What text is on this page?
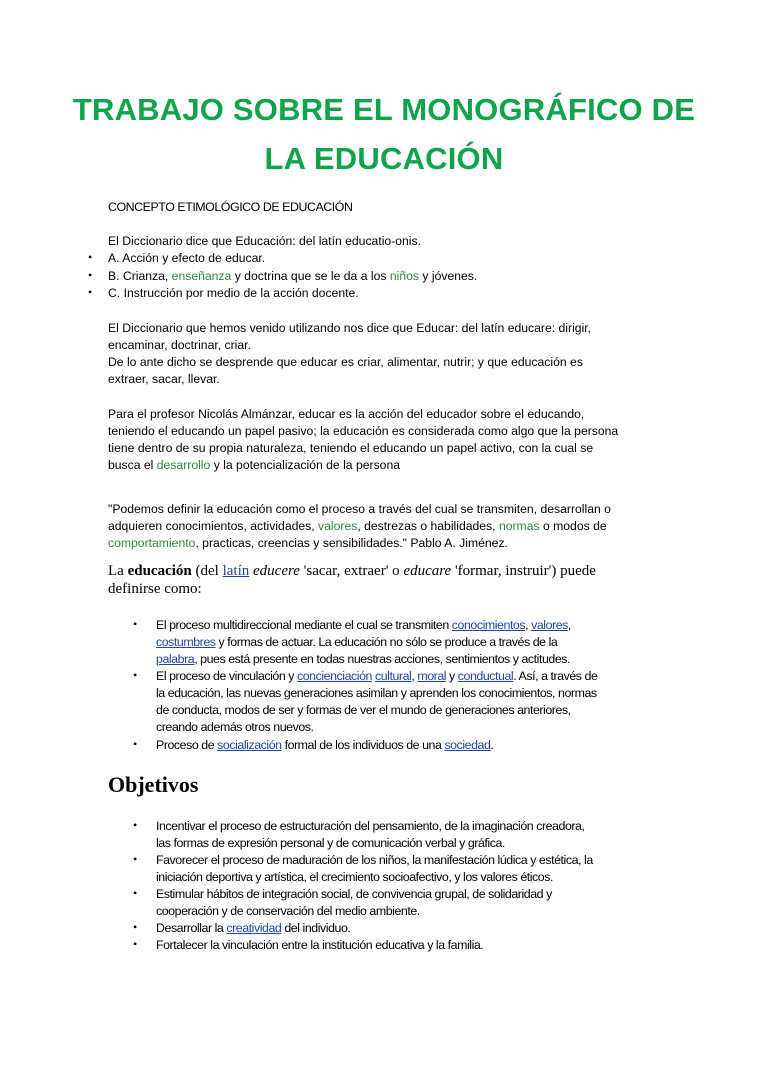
TRABAJO SOBRE EL MONOGRÁFICO DE
LA EDUCACIÓN
CONCEPTO ETIMOLÓGICO DE EDUCACIÓN
El Diccionario dice que Educación: del latín educatio-onis.
• A. Acción y efecto de educar.
• B. Crianza, enseñanza y doctrina que se le da a los niños y jóvenes.
• C. Instrucción por medio de la acción docente.
El Diccionario que hemos venido utilizando nos dice que Educar: del latín educare: dirigir,
encaminar, doctrinar, criar.
De lo ante dicho se desprende que educar es criar, alimentar, nutrir; y que educación es
extraer, sacar, llevar.
Para el profesor Nicolás Almánzar, educar es la acción del educador sobre el educando,
teniendo el educando un papel pasivo; la educación es considerada como algo que la persona
tiene dentro de su propia naturaleza, teniendo el educando un papel activo, con la cual se
busca el desarrollo y la potencialización de la persona
"Podemos definir la educación como el proceso a través del cual se transmiten, desarrollan o
adquieren conocimientos, actividades, valores, destrezas o habilidades, normas o modos de
comportamiento, practicas, creencias y sensibilidades." Pablo A. Jiménez.
La educación (del latín educere 'sacar, extraer' o educare 'formar, instruir') puede
definirse como:
• El proceso multidireccional mediante el cual se transmiten conocimientos, valores,
costumbres y formas de actuar. La educación no sólo se produce a través de la
palabra, pues está presente en todas nuestras acciones, sentimientos y actitudes.
• El proceso de vinculación y concienciación cultural, moral y conductual. Así, a través de
la educación, las nuevas generaciones asimilan y aprenden los conocimientos, normas
de conducta, modos de ser y formas de ver el mundo de generaciones anteriores,
creando además otros nuevos.
• Proceso de socialización formal de los individuos de una sociedad.
Objetivos
• Incentivar el proceso de estructuración del pensamiento, de la imaginación creadora,
las formas de expresión personal y de comunicación verbal y gráfica.
• Favorecer el proceso de maduración de los niños, la manifestación lúdica y estética, la
iniciación deportiva y artística, el crecimiento socioafectivo, y los valores éticos.
• Estimular hábitos de integración social, de convivencia grupal, de solidaridad y
cooperación y de conservación del medio ambiente.
• Desarrollar la creatividad del individuo.
• Fortalecer la vinculación entre la institución educativa y la familia.
